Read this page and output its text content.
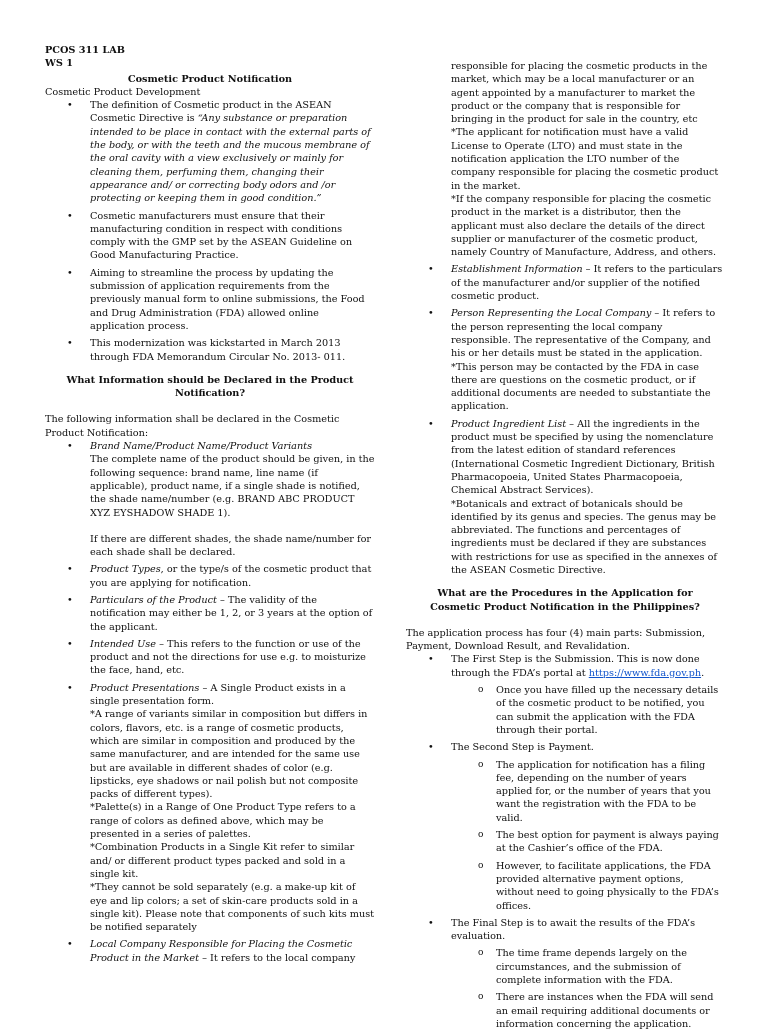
PCOS 311 LAB

WS 1

Cosmetic Product Notification

Cosmetic Product Development

• The definition of Cosmetic product in the ASEAN Cosmetic Directive is “Any substance or preparation intended to be place in contact with the external parts of the body, or with the teeth and the mucous membrane of the oral cavity with a view exclusively or mainly for cleaning them, perfuming them, changing their appearance and/ or correcting body odors and /or protecting or keeping them in good condition.”
• Cosmetic manufacturers must ensure that their manufacturing condition in respect with conditions comply with the GMP set by the ASEAN Guideline on Good Manufacturing Practice.
• Aiming to streamline the process by updating the submission of application requirements from the previously manual form to online submissions, the Food and Drug Administration (FDA) allowed online application process.
• This modernization was kickstarted in March 2013 through FDA Memorandum Circular No. 2013- 011.

What Information should be Declared in the Product Notification?

The following information shall be declared in the Cosmetic Product Notification:

• Brand Name/Product Name/Product Variants
The complete name of the product should be given, in the following sequence: brand name, line name (if applicable), product name, if a single shade is notified, the shade name/number (e.g. BRAND ABC PRODUCT XYZ EYSHADOW SHADE 1).
If there are different shades, the shade name/number for each shade shall be declared.
• Product Types, or the type/s of the cosmetic product that you are applying for notification.
• Particulars of the Product – The validity of the notification may either be 1, 2, or 3 years at the option of the applicant.
• Intended Use – This refers to the function or use of the product and not the directions for use e.g. to moisturize the face, hand, etc.
• Product Presentations – A Single Product exists in a single presentation form.
*A range of variants similar in composition but differs in colors, flavors, etc. is a range of cosmetic products, which are similar in composition and produced by the same manufacturer, and are intended for the same use but are available in different shades of color (e.g. lipsticks, eye shadows or nail polish but not composite packs of different types).
*Palette(s) in a Range of One Product Type refers to a range of colors as defined above, which may be presented in a series of palettes.
*Combination Products in a Single Kit refer to similar and/ or different product types packed and sold in a single kit.
*They cannot be sold separately (e.g. a make-up kit of eye and lip colors; a set of skin-care products sold in a single kit). Please note that components of such kits must be notified separately
• Local Company Responsible for Placing the Cosmetic Product in the Market – It refers to the local company
responsible for placing the cosmetic products in the market, which may be a local manufacturer or an agent appointed by a manufacturer to market the product or the company that is responsible for bringing in the product for sale in the country, etc
*The applicant for notification must have a valid License to Operate (LTO) and must state in the notification application the LTO number of the company responsible for placing the cosmetic product in the market.
*If the company responsible for placing the cosmetic product in the market is a distributor, then the applicant must also declare the details of the direct supplier or manufacturer of the cosmetic product, namely Country of Manufacture, Address, and others.
• Establishment Information – It refers to the particulars of the manufacturer and/or supplier of the notified cosmetic product.
• Person Representing the Local Company – It refers to the person representing the local company responsible. The representative of the Company, and his or her details must be stated in the application.
*This person may be contacted by the FDA in case there are questions on the cosmetic product, or if additional documents are needed to substantiate the application.
• Product Ingredient List – All the ingredients in the product must be specified by using the nomenclature from the latest edition of standard references (International Cosmetic Ingredient Dictionary, British Pharmacopoeia, United States Pharmacopoeia, Chemical Abstract Services).
*Botanicals and extract of botanicals should be identified by its genus and species. The genus may be abbreviated. The functions and percentages of ingredients must be declared if they are substances with restrictions for use as specified in the annexes of the ASEAN Cosmetic Directive.

What are the Procedures in the Application for Cosmetic Product Notification in the Philippines?

The application process has four (4) main parts: Submission, Payment, Download Result, and Revalidation.

• The First Step is the Submission. This is now done through the FDA’s portal at https://www.fda.gov.ph.
o Once you have filled up the necessary details of the cosmetic product to be notified, you can submit the application with the FDA through their portal.
• The Second Step is Payment.
o The application for notification has a filing fee, depending on the number of years applied for, or the number of years that you want the registration with the FDA to be valid.
o The best option for payment is always paying at the Cashier’s office of the FDA.
o However, to facilitate applications, the FDA provided alternative payment options, without need to going physically to the FDA’s offices.
• The Final Step is to await the results of the FDA’s evaluation.
o The time frame depends largely on the circumstances, and the submission of complete information with the FDA.
o There are instances when the FDA will send an email requiring additional documents or information concerning the application.
